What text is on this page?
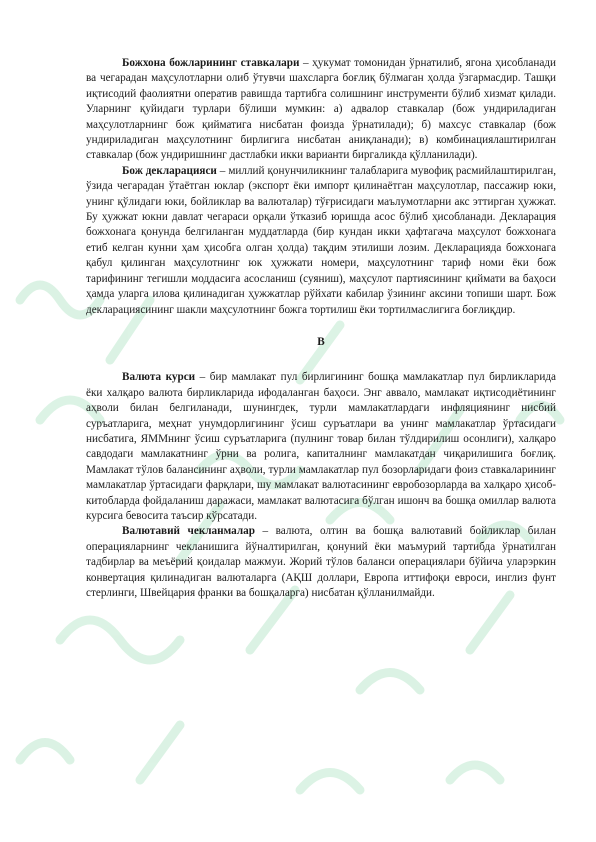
Божхона божларининг ставкалари – ҳукумат томонидан ўрнатилиб, ягона ҳисобланади ва чегарадан маҳсулотларни олиб ўтувчи шахсларга боғлиқ бўлмаган ҳолда ўзгармасдир. Ташқи иқтисодий фаолиятни оператив равишда тартибга солишнинг инструменти бўлиб хизмат қилади. Уларнинг қуйидаги турлари бўлиши мумкин: а) адвалор ставкалар (бож ундириладиган маҳсулотларнинг бож қийматига нисбатан фоизда ўрнатилади); б) махсус ставкалар (бож ундириладиган маҳсулотнинг бирлигига нисбатан аниқланади); в) комбинациялаштирилган ставкалар (бож ундиришнинг дастлабки икки варианти биргаликда қўлланилади).

Бож декларацияси – миллий қонунчиликнинг талабларига мувофиқ расмийлаштирилган, ўзида чегарадан ўтаётган юклар (экспорт ёки импорт қилинаётган маҳсулотлар, пассажир юки, унинг қўлидаги юки, бойликлар ва валюталар) тўғрисидаги маълумотларни акс эттирган ҳужжат. Бу ҳужжат юкни давлат чегараси орқали ўтказиб юришда асос бўлиб ҳисобланади. Декларация божхонага қонунда белгиланган муддатларда (бир кундан икки ҳафтагача маҳсулот божхонага етиб келган кунни ҳам ҳисобга олган ҳолда) тақдим этилиши лозим. Декларацияда божхонага қабул қилинган маҳсулотнинг юк ҳужжати номери, маҳсулотнинг тариф номи ёки бож тарифининг тегишли моддасига асосланиш (суяниш), маҳсулот партиясининг қиймати ва баҳоси ҳамда уларга илова қилинадиган ҳужжатлар рўйхати кабилар ўзининг аксини топиши шарт. Бож декларациясининг шакли маҳсулотнинг божга тортилиш ёки тортилмаслигига боғлиқдир.

В

Валюта курси – бир мамлакат пул бирлигининг бошқа мамлакатлар пул бирликларида ёки халқаро валюта бирликларида ифодаланган баҳоси. Энг аввало, мамлакат иқтисодиётининг аҳволи билан белгиланади, шунингдек, турли мамлакатлардаги инфляциянинг нисбий суръатларига, меҳнат унумдорлигининг ўсиш суръатлари ва унинг мамлакатлар ўртасидаги нисбатига, ЯММнинг ўсиш суръатларига (пулнинг товар билан тўлдирилиш осонлиги), халқаро савдодаги мамлакатнинг ўрни ва ролига, капиталнинг мамлакатдан чиқарилишига боғлиқ. Мамлакат тўлов балансининг аҳволи, турли мамлакатлар пул бозорларидаги фоиз ставкаларининг мамлакатлар ўртасидаги фарқлари, шу мамлакат валютасининг евробозорларда ва халқаро ҳисоб-китобларда фойдаланиш даражаси, мамлакат валютасига бўлган ишонч ва бошқа омиллар валюта курсига бевосита таъсир кўрсатади.

Валютавий чекланмалар – валюта, олтин ва бошқа валютавий бойликлар билан операцияларнинг чекланишига йўналтирилган, қонуний ёки маъмурий тартибда ўрнатилган тадбирлар ва меъёрий қоидалар мажмуи. Жорий тўлов баланси операциялари бўйича уларэркин конвертация қилинадиган валюталарга (АҚШ доллари, Европа иттифоқи евроси, инглиз фунт стерлинги, Швейцария франки ва бошқаларга) нисбатан қўлланилмайди.
